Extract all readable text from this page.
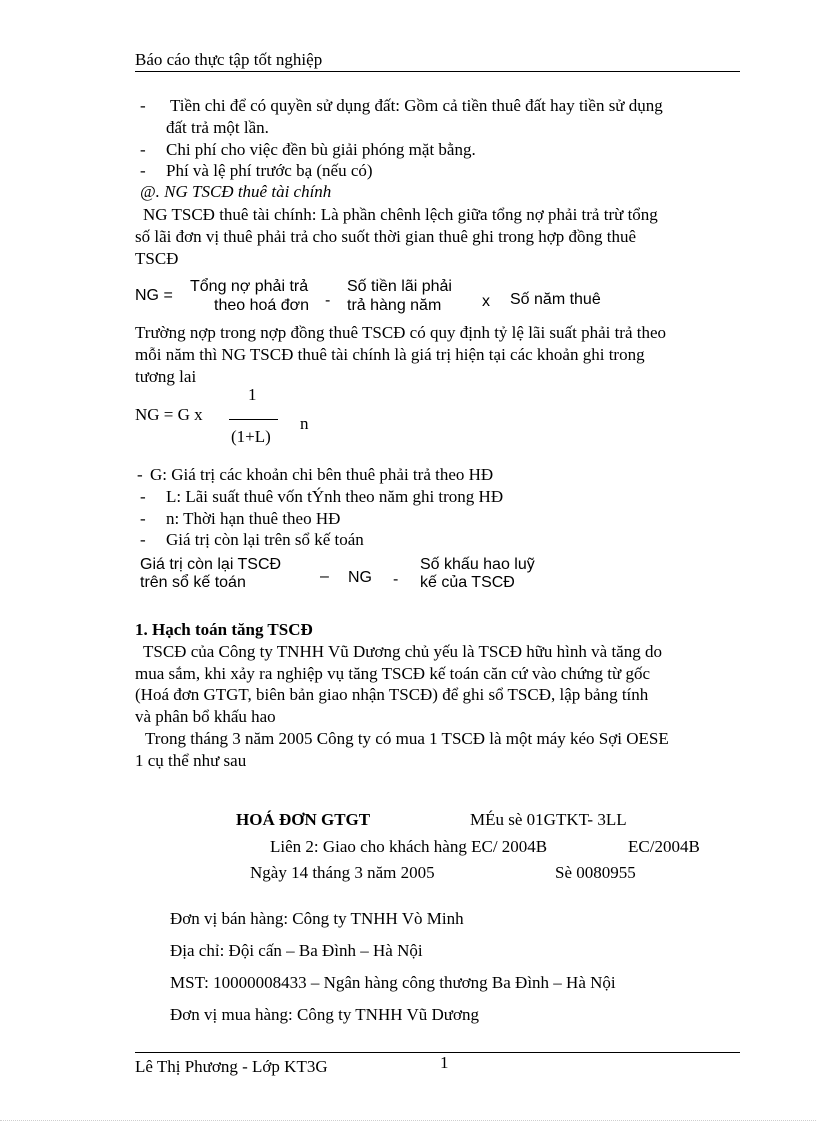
Báo cáo thực tập tốt nghiệp
- Tiền chi để có quyền sử dụng đất: Gồm cả tiền thuê đất hay tiền sử dụng
đất trả một lần.
- Chi phí cho việc đền bù giải phóng mặt bằng.
- Phí và lệ phí trước bạ (nếu có)
@. NG TSCĐ thuê tài chính
NG TSCĐ thuê tài chính: Là phần chênh lệch giữa tổng nợ phải trả trừ tổng
số lãi đơn vị thuê phải trả cho suốt thời gian thuê ghi trong hợp đồng thuê
TSCĐ
NG =
Tổng nợ phải trả
theo hoá đơn -
Số tiền lãi phải
trả hàng năm	x Số năm thuê
Trường nợp trong nợp đồng thuê TSCĐ có quy định tỷ lệ lãi suất phải trả theo
mỗi năm thì NG TSCĐ thuê tài chính là giá trị hiện tại các khoản ghi trong
tương lai
NG = G x
1
(1+L)
n
- G: Giá trị các khoản chi bên thuê phải trả theo HĐ
- L: Lãi suất thuê vốn tÝnh theo năm ghi trong HĐ
- n: Thời hạn thuê theo HĐ
- Giá trị còn lại trên sổ kế toán
Giá trị còn lại TSCĐ
trên sổ kế toán	– NG -
Số khấu hao luỹ
kế của TSCĐ
1. Hạch toán tăng TSCĐ
TSCĐ của Công ty TNHH Vũ Dương chủ yếu là TSCĐ hữu hình và tăng do
mua sắm, khi xảy ra nghiệp vụ tăng TSCĐ kế toán căn cứ vào chứng từ gốc
(Hoá đơn GTGT, biên bản giao nhận TSCĐ) để ghi sổ TSCĐ, lập bảng tính
và phân bổ khấu hao
Trong tháng 3 năm 2005 Công ty có mua 1 TSCĐ là một máy kéo Sợi OESE
1 cụ thể như sau
HOÁ ĐƠN GTGT	MÉu sè 01GTKT- 3LL
Liên 2: Giao cho khách hàng EC/ 2004B	EC/2004B
Ngày 14 tháng 3 năm 2005	Sè 0080955
Đơn vị bán hàng: Công ty TNHH Vò Minh
Địa chỉ: Đội cấn – Ba Đình – Hà Nội
MST: 10000008433 – Ngân hàng công thương Ba Đình – Hà Nội
Đơn vị mua hàng: Công ty TNHH Vũ Dương
Lê Thị Phương - Lớp KT3G	1
